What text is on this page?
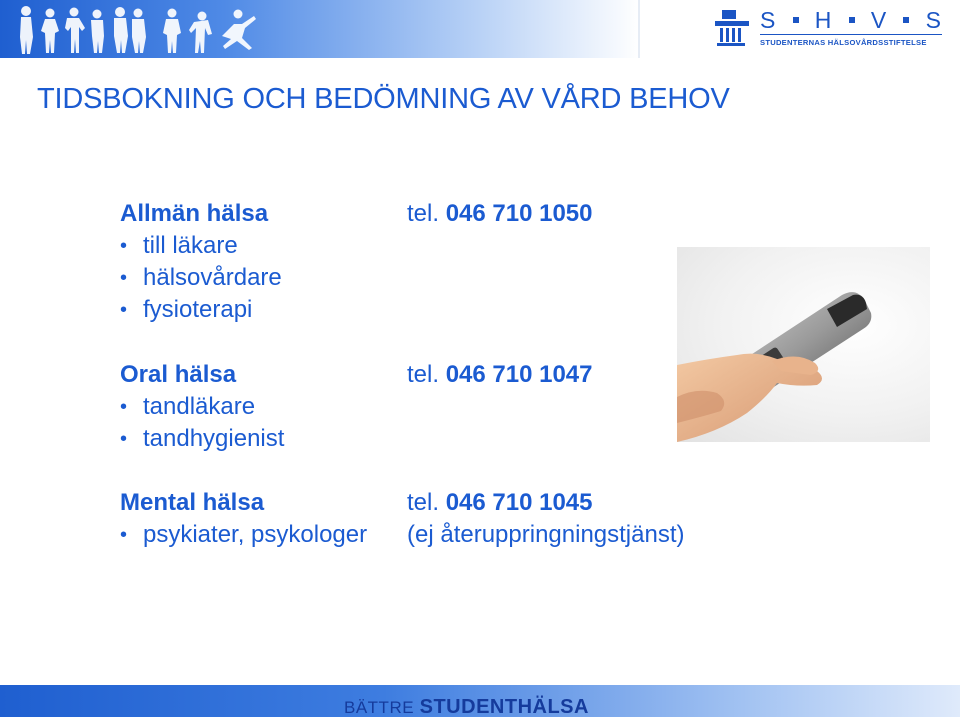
S H V S
STUDENTERNAS HÄLSOVÅRDSSTIFTELSE
TIDSBOKNING OCH BEDÖMNING AV VÅRD BEHOV
Allmän hälsa	tel. 046 710 1050
• till läkare
• hälsovårdare
• fysioterapi
Oral hälsa	tel. 046 710 1047
• tandläkare
• tandhygienist
Mental hälsa	tel. 046 710 1045
• psykiater, psykologer (ej återuppringningstjänst)
BÄTTRE STUDENTHÄLSA
